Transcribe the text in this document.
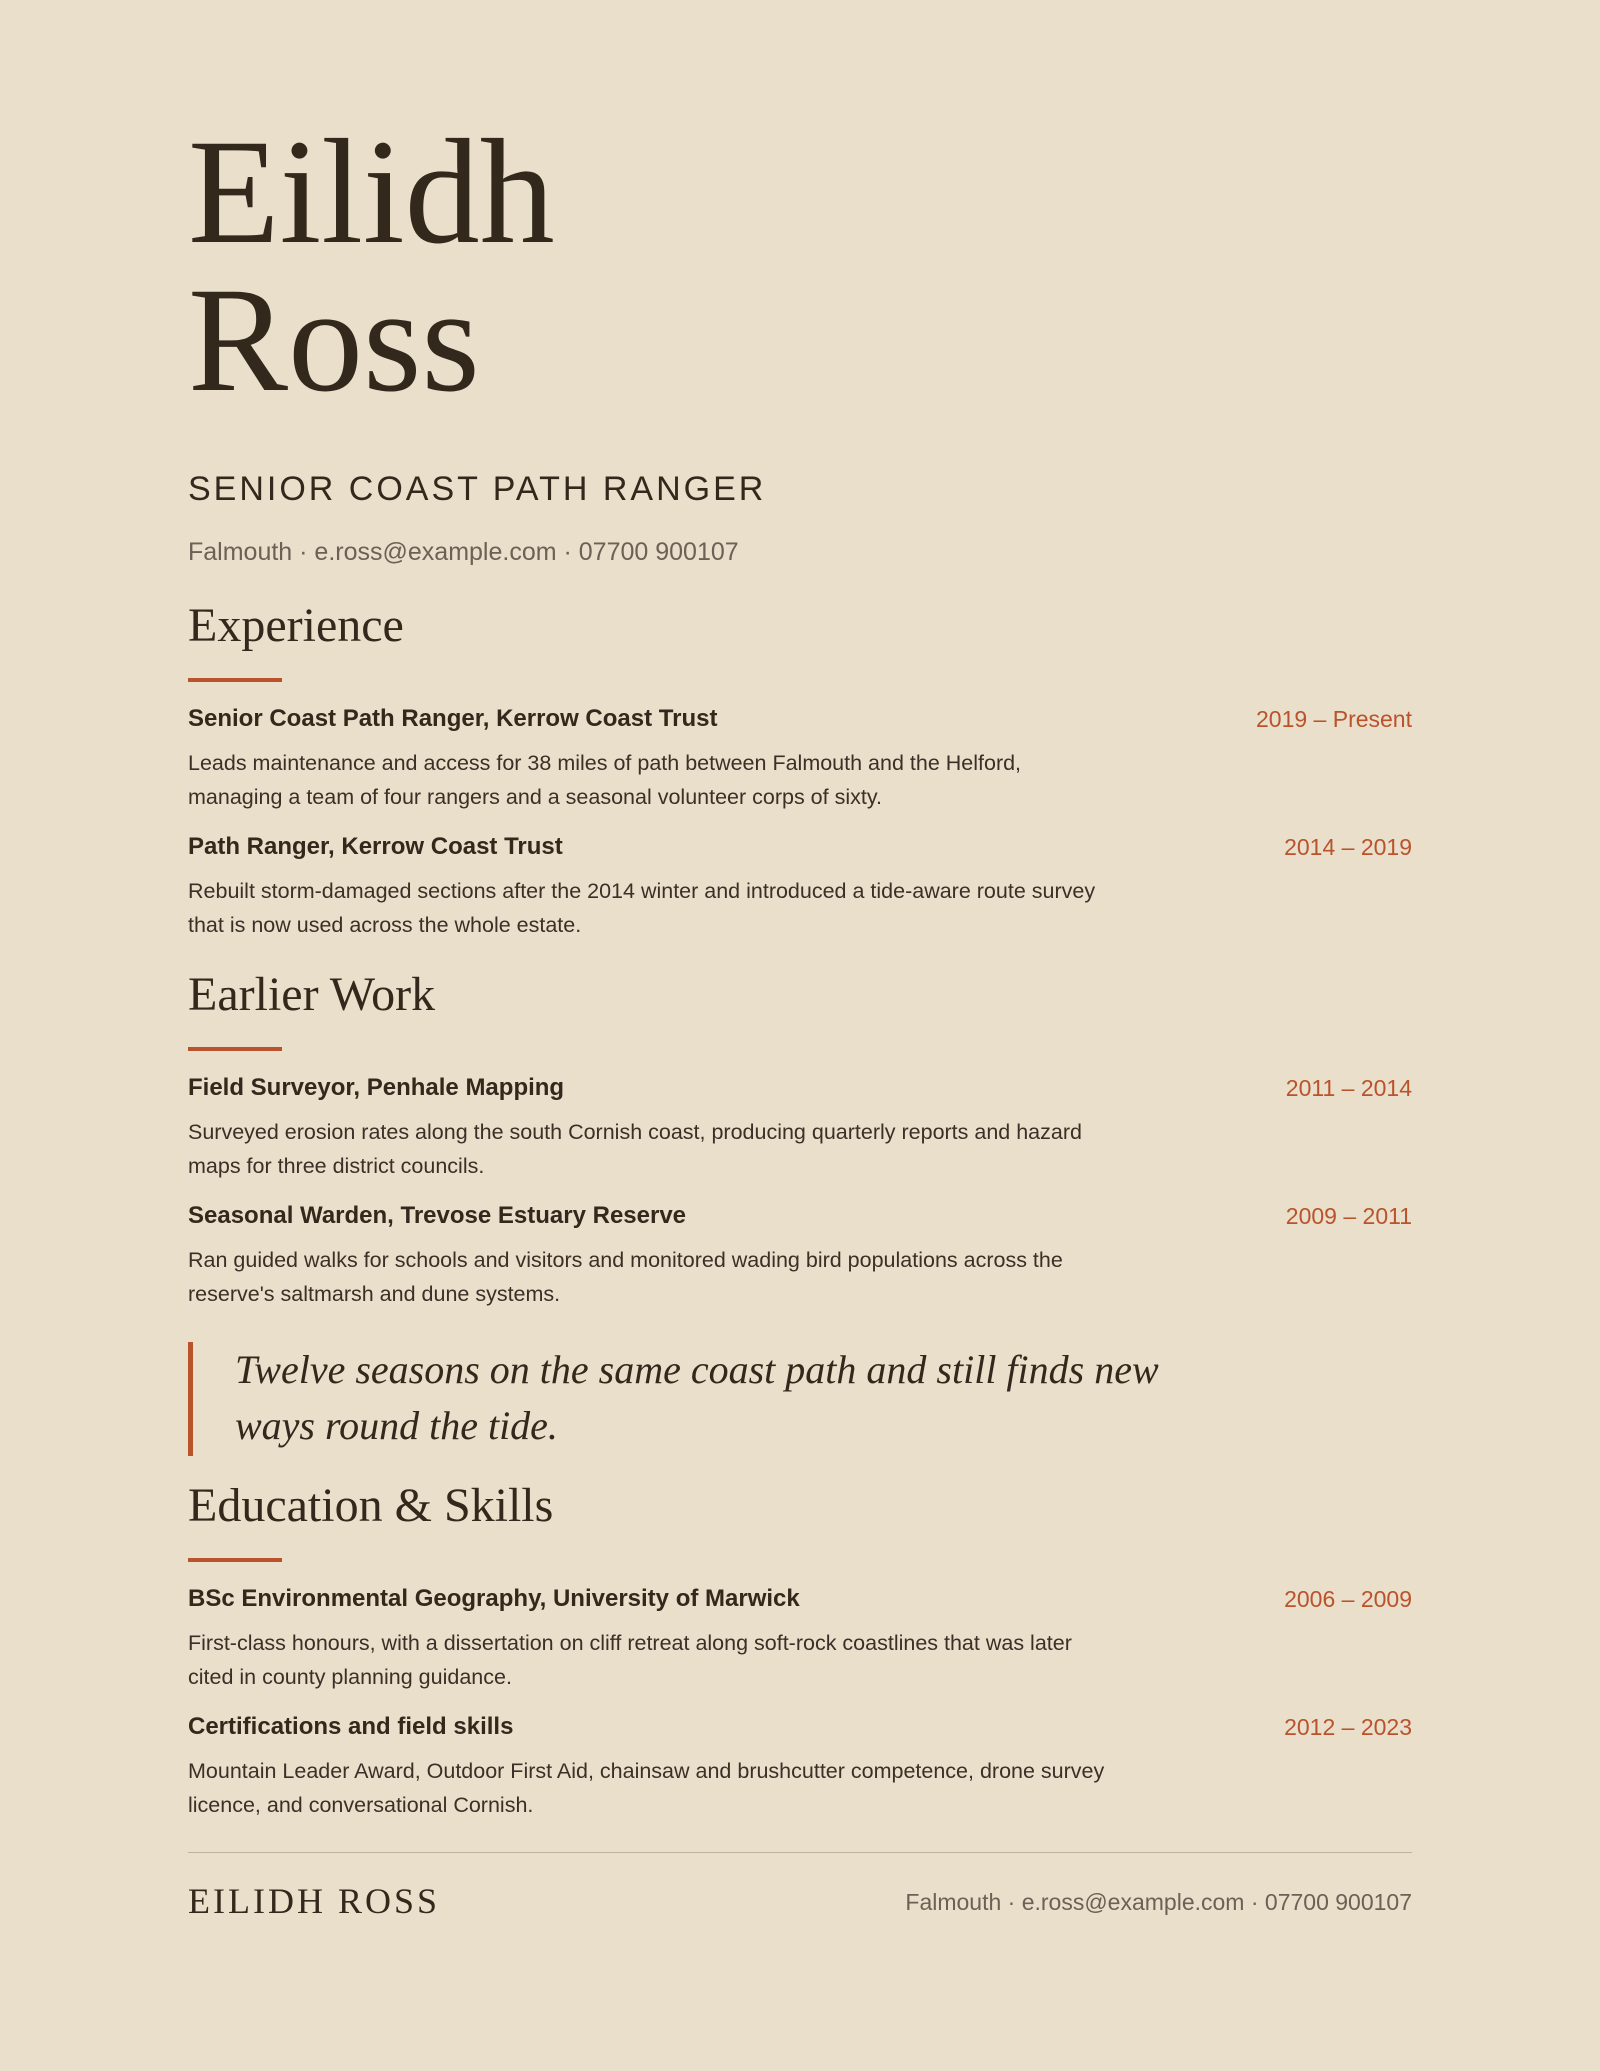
Eilidh
Ross
SENIOR COAST PATH RANGER
Falmouth · e.ross@example.com · 07700 900107
Experience
Senior Coast Path Ranger, Kerrow Coast Trust	2019 – Present
Leads maintenance and access for 38 miles of path between Falmouth and the Helford, managing a team of four rangers and a seasonal volunteer corps of sixty.
Path Ranger, Kerrow Coast Trust	2014 – 2019
Rebuilt storm-damaged sections after the 2014 winter and introduced a tide-aware route survey that is now used across the whole estate.
Earlier Work
Field Surveyor, Penhale Mapping	2011 – 2014
Surveyed erosion rates along the south Cornish coast, producing quarterly reports and hazard maps for three district councils.
Seasonal Warden, Trevose Estuary Reserve	2009 – 2011
Ran guided walks for schools and visitors and monitored wading bird populations across the reserve's saltmarsh and dune systems.
Twelve seasons on the same coast path and still finds new ways round the tide.
Education & Skills
BSc Environmental Geography, University of Marwick	2006 – 2009
First-class honours, with a dissertation on cliff retreat along soft-rock coastlines that was later cited in county planning guidance.
Certifications and field skills	2012 – 2023
Mountain Leader Award, Outdoor First Aid, chainsaw and brushcutter competence, drone survey licence, and conversational Cornish.
EILIDH ROSS	Falmouth · e.ross@example.com · 07700 900107
